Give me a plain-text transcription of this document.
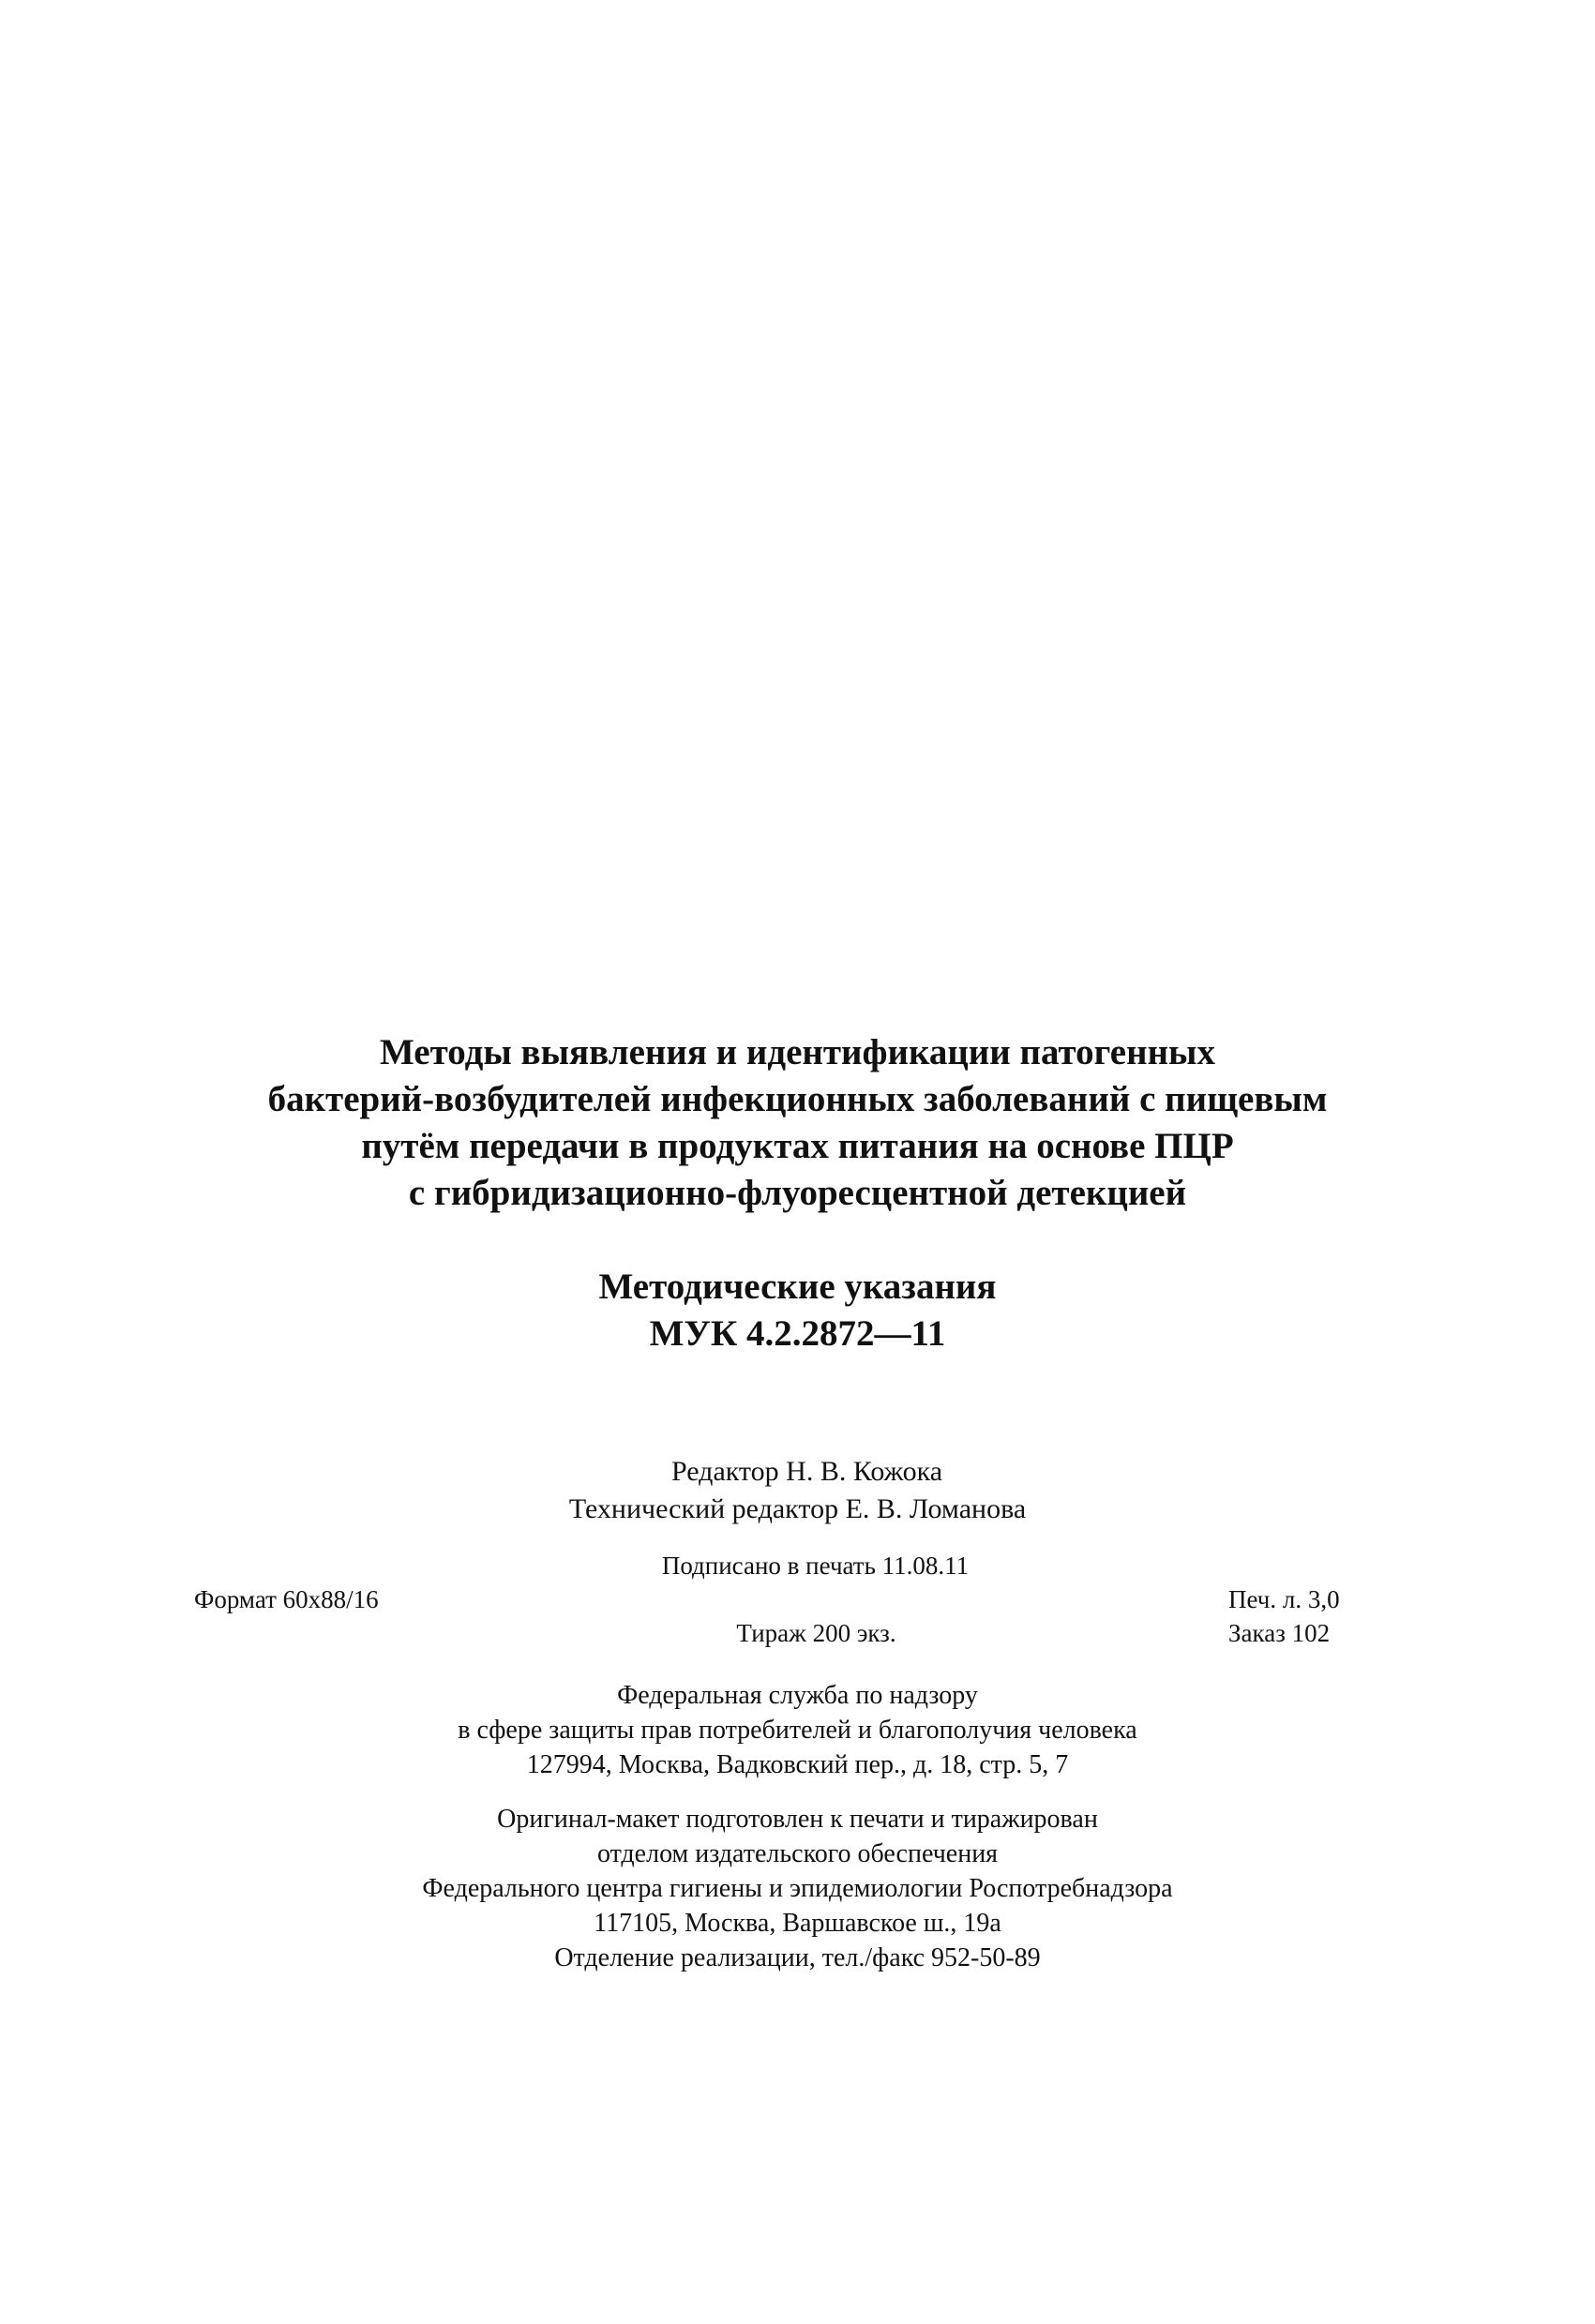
Методы выявления и идентификации патогенных
бактерий-возбудителей инфекционных заболеваний с пищевым
путём передачи в продуктах питания на основе ПЦР
с гибридизационно-флуоресцентной детекцией
Методические указания
МУК 4.2.2872—11
Редактор Н. В. Кожока
Технический редактор Е. В. Ломанова
Подписано в печать 11.08.11
Формат 60х88/16	Печ. л. 3,0
Тираж 200 экз.	Заказ 102
Федеральная служба по надзору
в сфере защиты прав потребителей и благополучия человека
127994, Москва, Вадковский пер., д. 18, стр. 5, 7
Оригинал-макет подготовлен к печати и тиражирован
отделом издательского обеспечения
Федерального центра гигиены и эпидемиологии Роспотребнадзора
117105, Москва, Варшавское ш., 19а
Отделение реализации, тел./факс 952-50-89
